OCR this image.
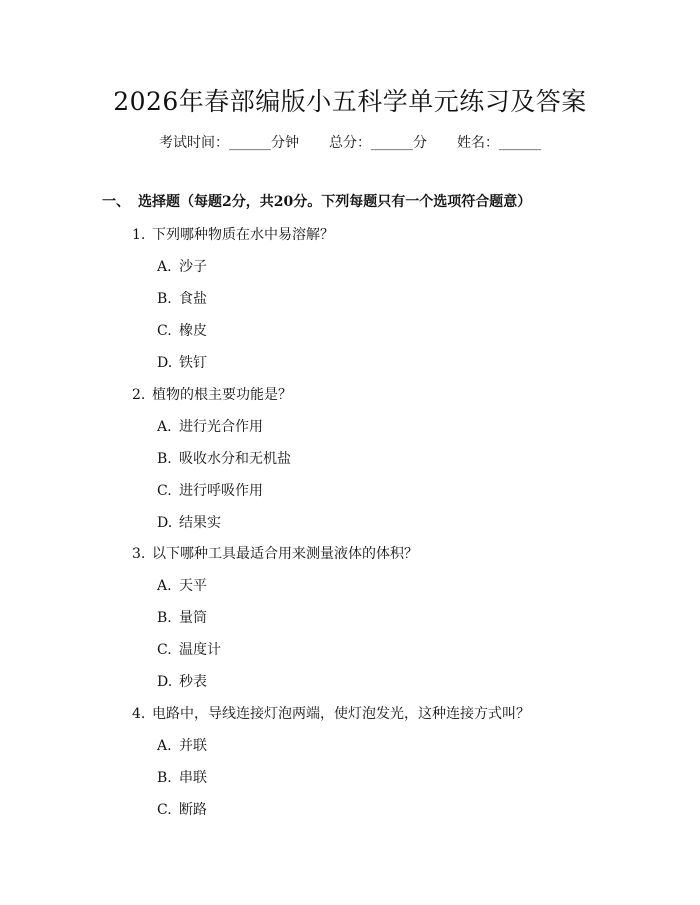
2026年春部编版小五科学单元练习及答案
考试时间：______分钟 总分：______分 姓名：______
一、 选择题（每题2分，共20分。下列每题只有一个选项符合题意）
1. 下列哪种物质在水中易溶解？
A. 沙子
B. 食盐
C. 橡皮
D. 铁钉
2. 植物的根主要功能是？
A. 进行光合作用
B. 吸收水分和无机盐
C. 进行呼吸作用
D. 结果实
3. 以下哪种工具最适合用来测量液体的体积？
A. 天平
B. 量筒
C. 温度计
D. 秒表
4. 电路中，导线连接灯泡两端，使灯泡发光，这种连接方式叫？
A. 并联
B. 串联
C. 断路
